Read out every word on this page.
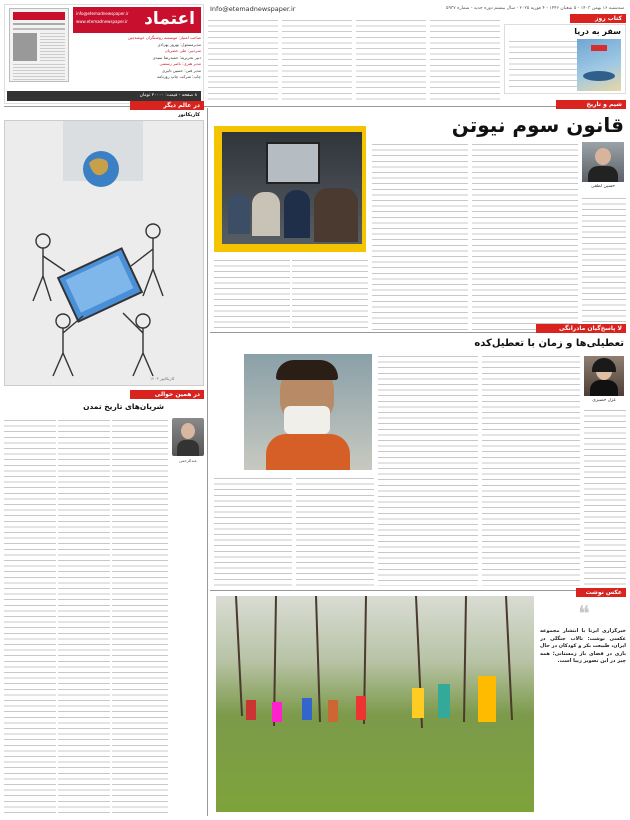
Info@etemadnewspaper.ir	سه‌شنبه ۱۶ بهمن ۱۴۰۳ - ۵ شعبان ۱۴۴۶ - ۴ فوریه ۲۰۲۵ - سال بیستم دوره جدید - شماره ۵۹۳۷
اعتماد
info@etemadnewspaper.ir
www.etemadnewspaper.ir
صاحب امتیاز: موسسه روشنگران خوشه‌چین
مدیرمسئول: بهروز بهزادی
سردبیر: علی خضریان
دبیر تحریریه: حمیدرضا سیدی
مدیر هنری: ناصر رستمی
مدیر فنی: حسین دلیری
چاپ: شرکت چاپ روزنامه
۸ صفحه - قیمت: ۲۰۰۰۰ تومان
کتاب روز
سفر به دریا
در عالم دیگر
کاریکاتور
کاریکاتور ۱۴۰۳
در همین حوالی
شریان‌های تاریخ تمدن
عبدالرحمن
شیم و تاریخ
قانون سوم نیوتن
حسین لطفی
لا پاسخ‌گیان مادرانگی
تعطیلی‌ها و زمان با تعطیل‌کده
غزل خضیری
عکس نوشت
❝
خبرگزاری ایرنا با انتشار مجموعه عکسی نوشت: تالاب جنگلی در ایران، طبیعت بکر و کودکان در حال بازی در فضای باز زمستانی؛ همه چیز در این تصویر زیبا است.
